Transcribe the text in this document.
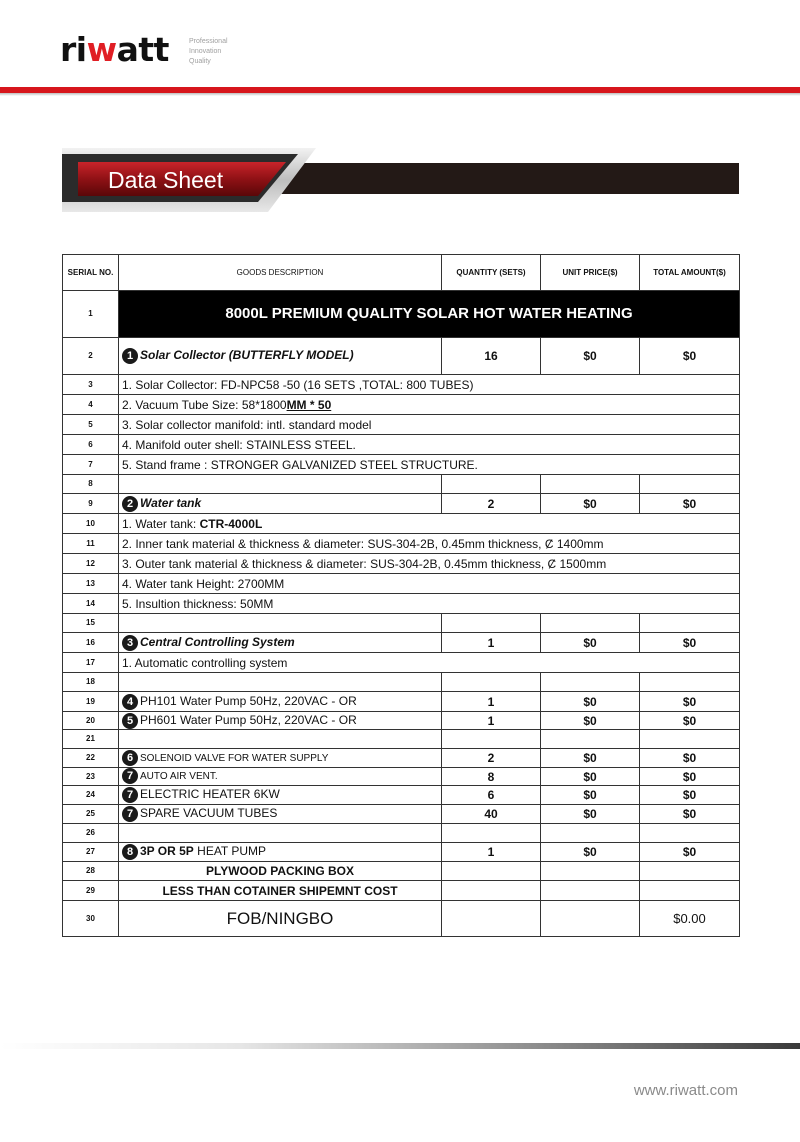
riwatt	Professional
Innovation
Quality
Data Sheet
SERIAL NO.	GOODS DESCRIPTION	QUANTITY (SETS)	UNIT PRICE($)	TOTAL AMOUNT($)
1	8000L PREMIUM QUALITY SOLAR HOT WATER HEATING			
2	1 Solar Collector (BUTTERFLY MODEL)	16	$0	$0
3	1. Solar Collector: FD-NPC58 -50 (16 SETS ,TOTAL: 800 TUBES)			
4	2. Vacuum Tube Size: 58*1800MM * 50			
5	3. Solar collector manifold: intl. standard model			
6	4. Manifold outer shell: STAINLESS STEEL.			
7	5. Stand frame : STRONGER GALVANIZED STEEL STRUCTURE.			
8				
9	2 Water tank	2	$0	$0
10	1. Water tank: CTR-4000L			
11	2. Inner tank material & thickness & diameter: SUS-304-2B, 0.45mm thickness, Ȼ 1400mm			
12	3. Outer tank material & thickness & diameter: SUS-304-2B, 0.45mm thickness, Ȼ 1500mm			
13	4. Water tank Height: 2700MM			
14	5. Insultion thickness: 50MM			
15				
16	3 Central Controlling System	1	$0	$0
17	1. Automatic controlling system			
18				
19	4 PH101 Water Pump 50Hz, 220VAC - OR	1	$0	$0
20	5 PH601 Water Pump 50Hz, 220VAC - OR	1	$0	$0
21				
22	6 SOLENOID VALVE FOR WATER SUPPLY	2	$0	$0
23	7 AUTO AIR VENT.	8	$0	$0
24	7 ELECTRIC HEATER 6KW	6	$0	$0
25	7 SPARE VACUUM TUBES	40	$0	$0
26				
27	8 3P OR 5P HEAT PUMP	1	$0	$0
28	PLYWOOD PACKING BOX			
29	LESS THAN COTAINER SHIPEMNT COST			
30	FOB/NINGBO			$0.00
www.riwatt.com
